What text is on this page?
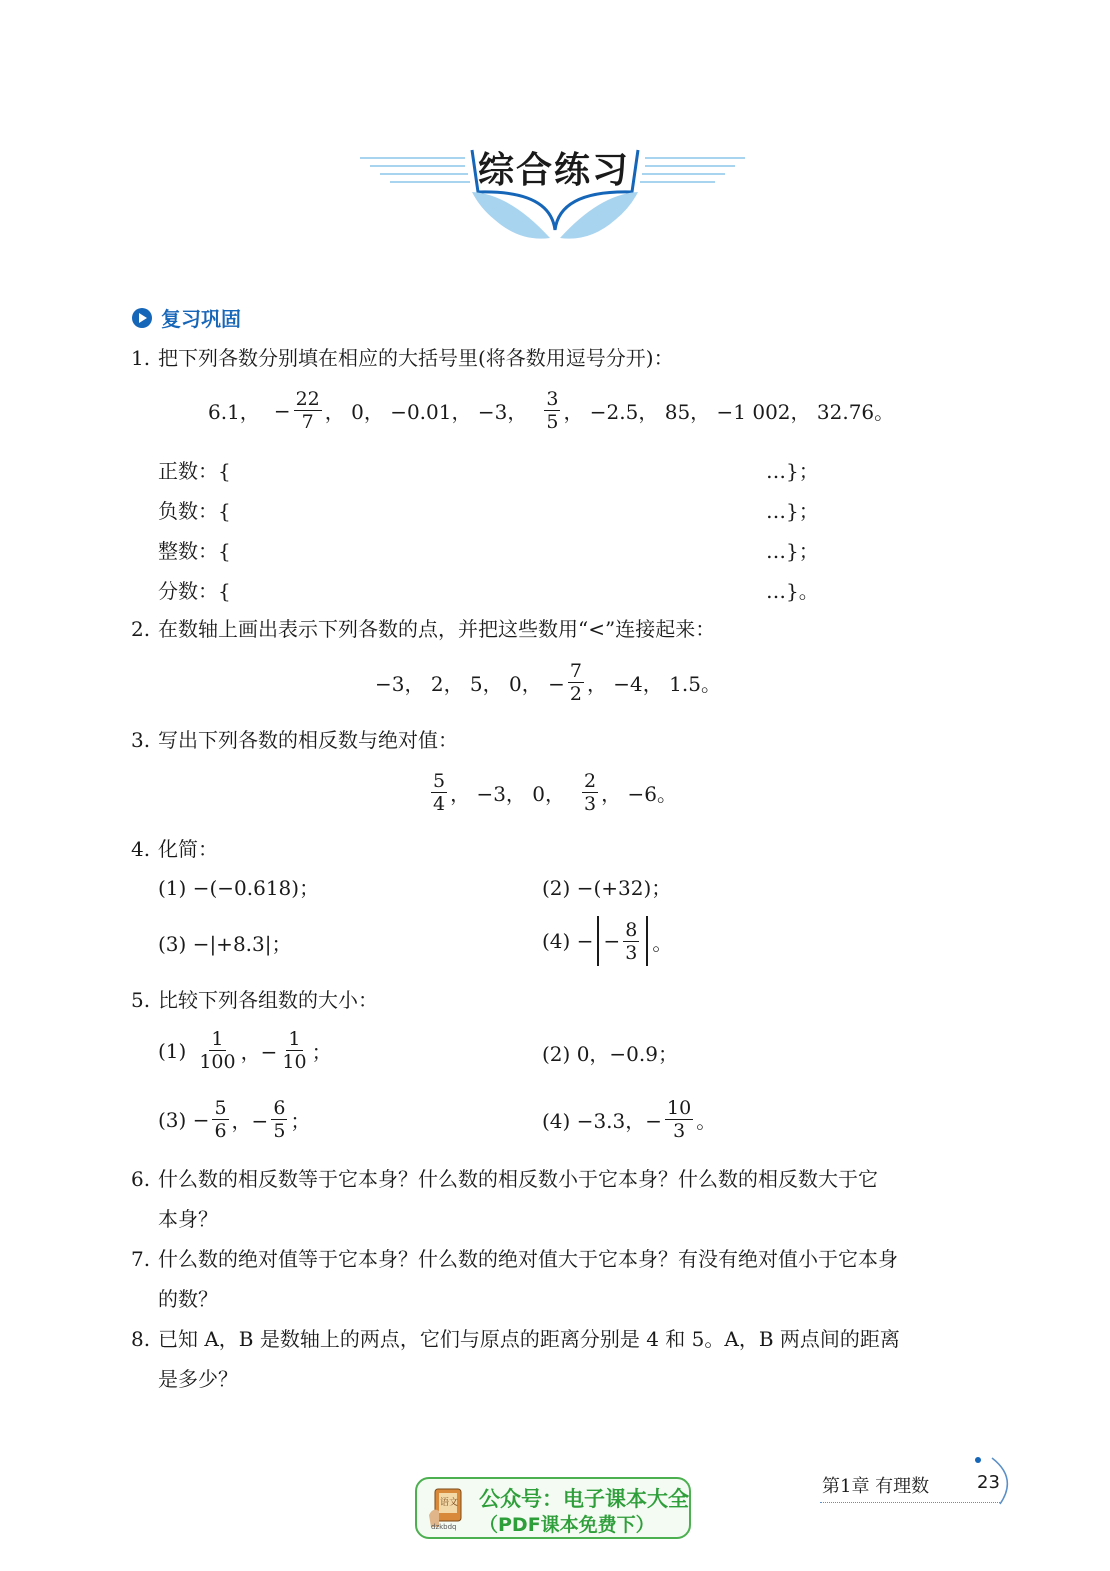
综合练习
复习巩固
1. 把下列各数分别填在相应的大括号里(将各数用逗号分开)：
6.1， − $\frac{22}{7}$ ， 0， −0.01， −3， $\frac{3}{5}$ ， −2.5， 85， −1 002， 32.76。
正数：{	…}；
负数：{	…}；
整数：{	…}；
分数：{	…}。
2. 在数轴上画出表示下列各数的点，并把这些数用“<”连接起来：
−3， 2， 5， 0， − $\frac{7}{2}$ ， −4， 1.5。
3. 写出下列各数的相反数与绝对值：
$\frac{5}{4}$ ， −3， 0， $\frac{2}{3}$ ， −6。
4. 化简：
(1) −(−0.618)；	(2) −(+32)；
(3) −|+8.3|；	(4) − − $\frac{8}{3}$ 。
5. 比较下列各组数的大小：
$(1) \frac{1}{100}$ ，− $\frac{1}{10}$ ；	(2) 0，−0.9；
$(3) - \frac{5}{6}$ ，− $\frac{6}{5}$ ；	(4) −3.3，− $\frac{10}{3}$ 。
6. 什么数的相反数等于它本身？什么数的相反数小于它本身？什么数的相反数大于它
本身？
7. 什么数的绝对值等于它本身？什么数的绝对值大于它本身？有没有绝对值小于它本身
的数？
8. 已知 A，B 是数轴上的两点，它们与原点的距离分别是 4 和 5。A，B 两点间的距离
是多少？
语文
dzkbdq
公众号：电子课本大全
（PDF课本免费下）
第1章 有理数	23
